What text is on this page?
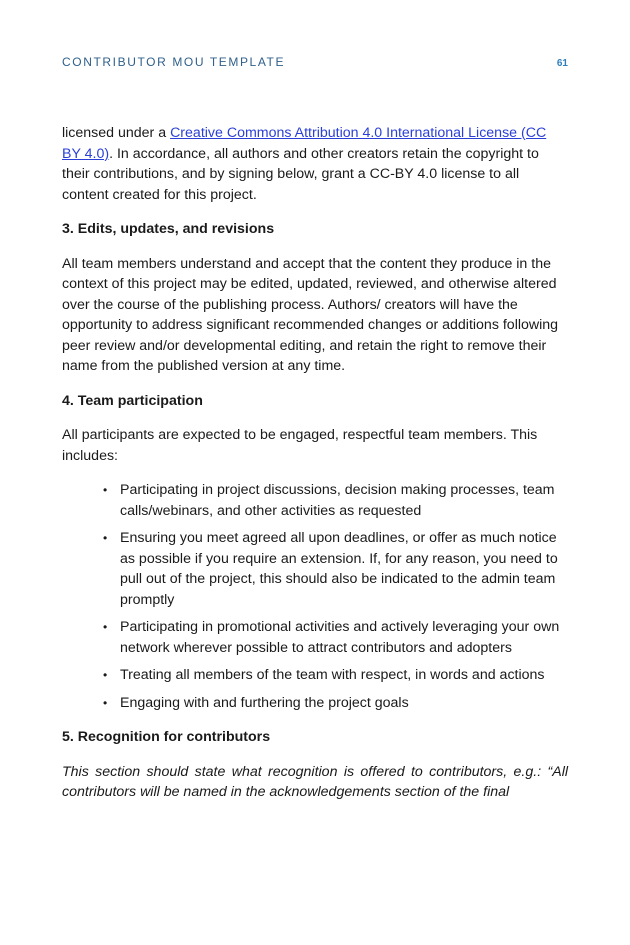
CONTRIBUTOR MOU TEMPLATE	61

licensed under a Creative Commons Attribution 4.0 International License (CC BY 4.0). In accordance, all authors and other creators retain the copyright to their contributions, and by signing below, grant a CC-BY 4.0 license to all content created for this project.

3. Edits, updates, and revisions

All team members understand and accept that the content they produce in the context of this project may be edited, updated, reviewed, and otherwise altered over the course of the publishing process. Authors/ creators will have the opportunity to address significant recommended changes or additions following peer review and/or developmental editing, and retain the right to remove their name from the published version at any time.

4. Team participation

All participants are expected to be engaged, respectful team members. This includes:

• Participating in project discussions, decision making processes, team calls/webinars, and other activities as requested
• Ensuring you meet agreed all upon deadlines, or offer as much notice as possible if you require an extension. If, for any reason, you need to pull out of the project, this should also be indicated to the admin team promptly
• Participating in promotional activities and actively leveraging your own network wherever possible to attract contributors and adopters
• Treating all members of the team with respect, in words and actions
• Engaging with and furthering the project goals
5. Recognition for contributors

This section should state what recognition is offered to contributors, e.g.: “All contributors will be named in the acknowledgements section of the final
